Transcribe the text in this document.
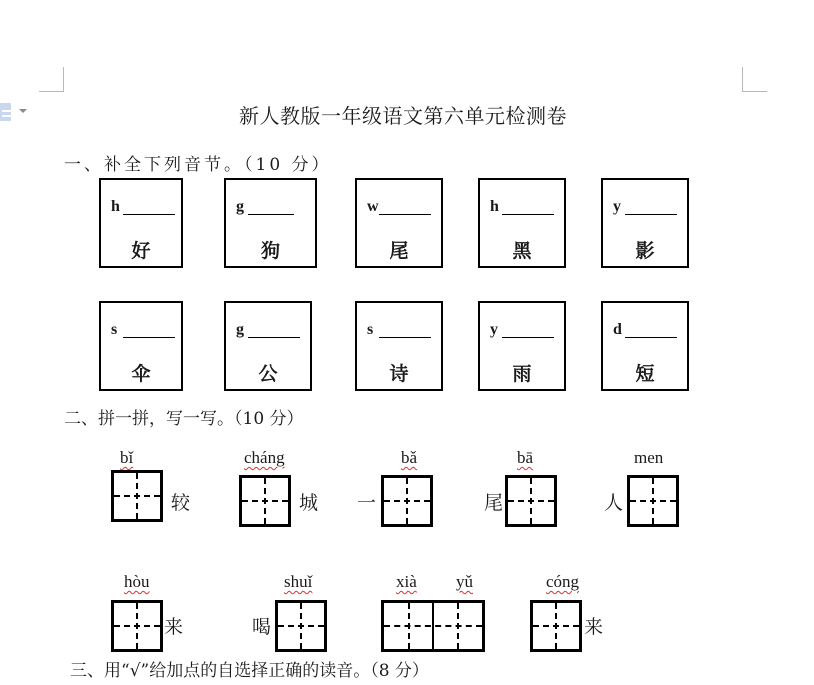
新人教版一年级语文第六单元检测卷
一、补全下列音节。（10 分）
h
好
g
狗
w
尾
h
黑
y
影
s
伞
g
公
s
诗
y
雨
d
短
二、拼一拼，写一写。（10 分）
bǐ
较
cháng
城 一
bǎ
尾
bā
人
men
hòu
来	喝
shuǐ	xià yǔ	cóng
来
三、用“√”给加点的自选择正确的读音。（8 分）
